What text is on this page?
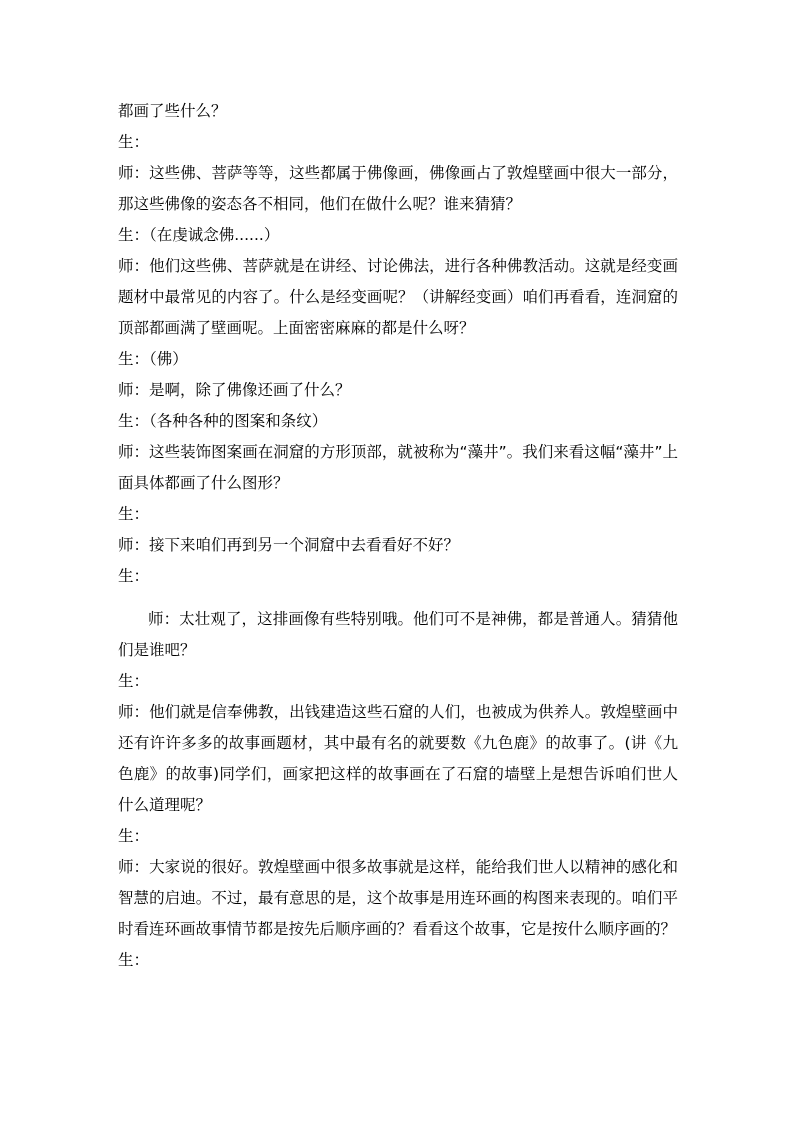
都画了些什么？

生：

师：这些佛、菩萨等等，这些都属于佛像画，佛像画占了敦煌壁画中很大一部分，那这些佛像的姿态各不相同，他们在做什么呢？谁来猜猜？

生：（在虔诚念佛......）

师：他们这些佛、菩萨就是在讲经、讨论佛法，进行各种佛教活动。这就是经变画题材中最常见的内容了。什么是经变画呢？（讲解经变画）咱们再看看，连洞窟的顶部都画满了壁画呢。上面密密麻麻的都是什么呀？

生：（佛）

师：是啊，除了佛像还画了什么？

生：（各种各种的图案和条纹）

师：这些装饰图案画在洞窟的方形顶部，就被称为“藻井”。我们来看这幅“藻井”上面具体都画了什么图形？

生：

师：接下来咱们再到另一个洞窟中去看看好不好？

生：

师：太壮观了，这排画像有些特别哦。他们可不是神佛，都是普通人。猜猜他们是谁吧？

生：

师：他们就是信奉佛教，出钱建造这些石窟的人们，也被成为供养人。敦煌壁画中还有许许多多的故事画题材，其中最有名的就要数《九色鹿》的故事了。(讲《九色鹿》的故事)同学们，画家把这样的故事画在了石窟的墙壁上是想告诉咱们世人什么道理呢？

生：

师：大家说的很好。敦煌壁画中很多故事就是这样，能给我们世人以精神的感化和智慧的启迪。不过，最有意思的是，这个故事是用连环画的构图来表现的。咱们平时看连环画故事情节都是按先后顺序画的？看看这个故事，它是按什么顺序画的？

生：
